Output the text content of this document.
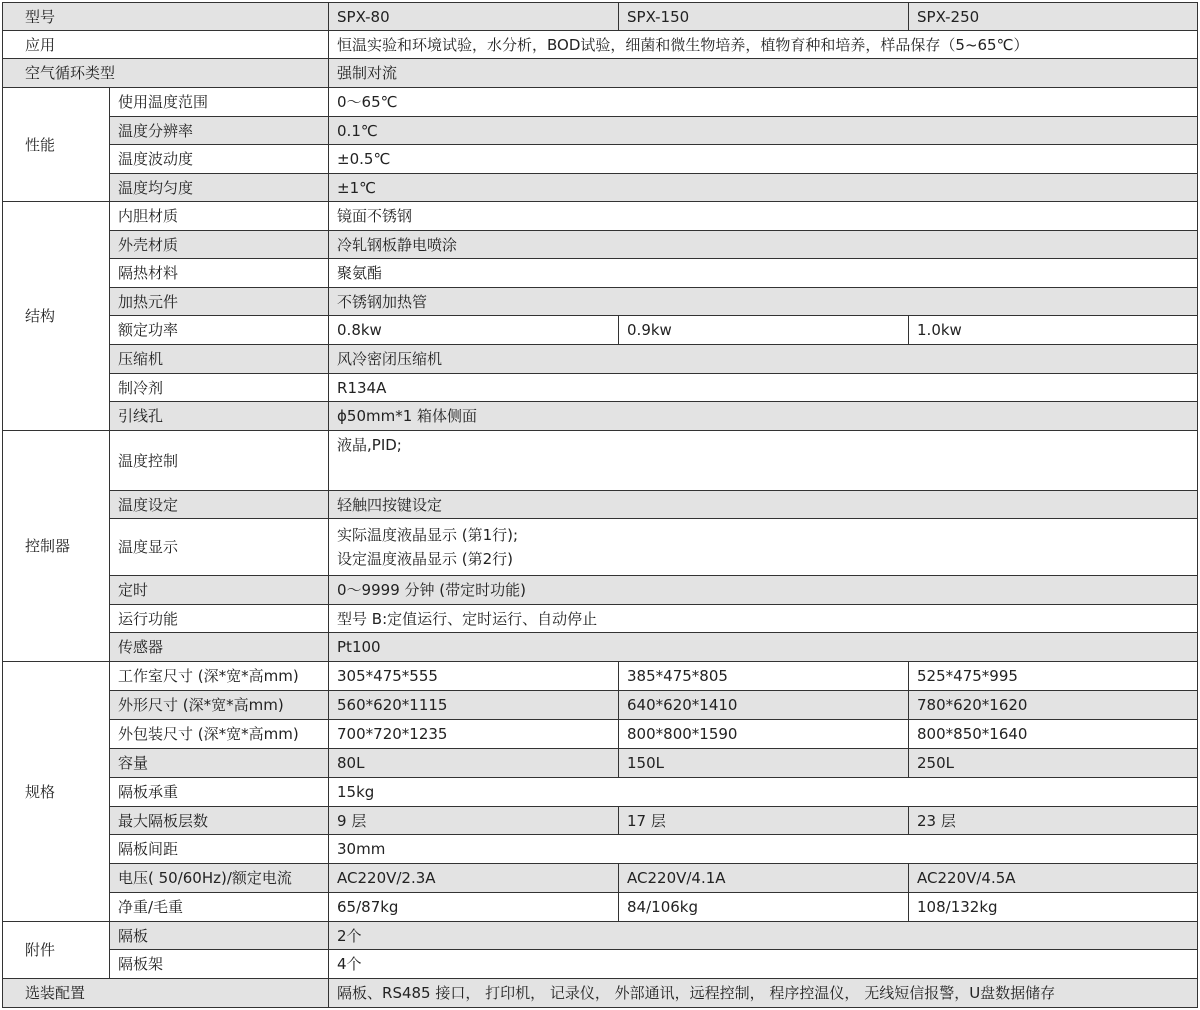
型号		SPX-80	SPX-150	SPX-250
应用		恒温实验和环境试验，水分析，BOD试验，细菌和微生物培养，植物育种和培养，样品保存（5~65℃）		
空气循环类型		强制对流		
性能	使用温度范围	0～65℃		
	温度分辨率	0.1℃		
	温度波动度	±0.5℃		
	温度均匀度	±1℃		
结构	内胆材质	镜面不锈钢		
	外壳材质	冷轧钢板静电喷涂		
	隔热材料	聚氨酯		
	加热元件	不锈钢加热管		
	额定功率	0.8kw	0.9kw	1.0kw
	压缩机	风冷密闭压缩机		
	制冷剂	R134A		
	引线孔	ϕ50mm*1 箱体侧面		
控制器	温度控制	液晶,PID;		
	温度设定	轻触四按键设定		
	温度显示	实际温度液晶显示 (第1行);
设定温度液晶显示 (第2行)		

	定时	0～9999 分钟 (带定时功能)		
	运行功能	型号 B:定值运行、定时运行、自动停止		
	传感器	Pt100		
规格	工作室尺寸 (深*宽*高mm)	305*475*555	385*475*805	525*475*995
	外形尺寸 (深*宽*高mm)	560*620*1115	640*620*1410	780*620*1620
	外包装尺寸 (深*宽*高mm)	700*720*1235	800*800*1590	800*850*1640
	容量	80L	150L	250L
	隔板承重	15kg		
	最大隔板层数	9 层	17 层	23 层
	隔板间距	30mm		
	电压( 50/60Hz)/额定电流	AC220V/2.3A	AC220V/4.1A	AC220V/4.5A
	净重/毛重	65/87kg	84/106kg	108/132kg
附件	隔板	2个		
	隔板架	4个		
选装配置		隔板、RS485 接口， 打印机， 记录仪， 外部通讯，远程控制， 程序控温仪， 无线短信报警，U盘数据储存		
